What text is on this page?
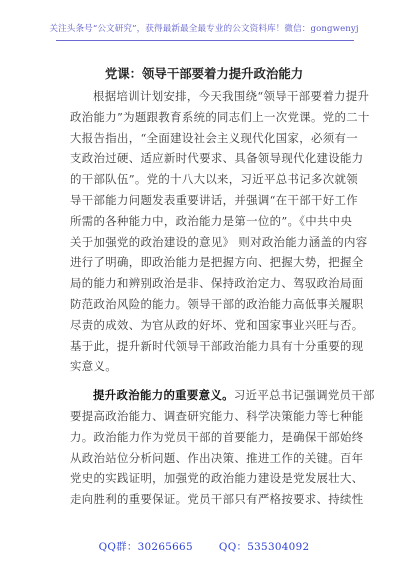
关注头条号“公文研究”，获得最新最全最专业的公文资料库！微信：gongwenyj
党课：领导干部要着力提升政治能力
根据培训计划安排，今天我围绕“领导干部要着力提升
政治能力”为题跟教育系统的同志们上一次党课。党的二十
大报告指出，“全面建设社会主义现代化国家，必须有一
支政治过硬、适应新时代要求、具备领导现代化建设能力
的干部队伍”。党的十八大以来，习近平总书记多次就领
导干部能力问题发表重要讲话，并强调“在干部干好工作
所需的各种能力中，政治能力是第一位的”。《中共中央
关于加强党的政治建设的意见》 则对政治能力涵盖的内容
进行了明确，即政治能力是把握方向、把握大势，把握全
局的能力和辨别政治是非、保持政治定力、驾驭政治局面
防范政治风险的能力。领导干部的政治能力高低事关履职
尽责的成效、为官从政的好坏、党和国家事业兴旺与否。
基于此，提升新时代领导干部政治能力具有十分重要的现
实意义。
提升政治能力的重要意义。习近平总书记强调党员干部
要提高政治能力、调查研究能力、科学决策能力等七种能
力。政治能力作为党员干部的首要能力，是确保干部始终
从政治站位分析问题、作出决策、推进工作的关键。百年
党史的实践证明，加强党的政治能力建设是党发展壮大、
走向胜利的重要保证。党员干部只有严格按要求、持续性
QQ群：30265665	QQ：535304092
